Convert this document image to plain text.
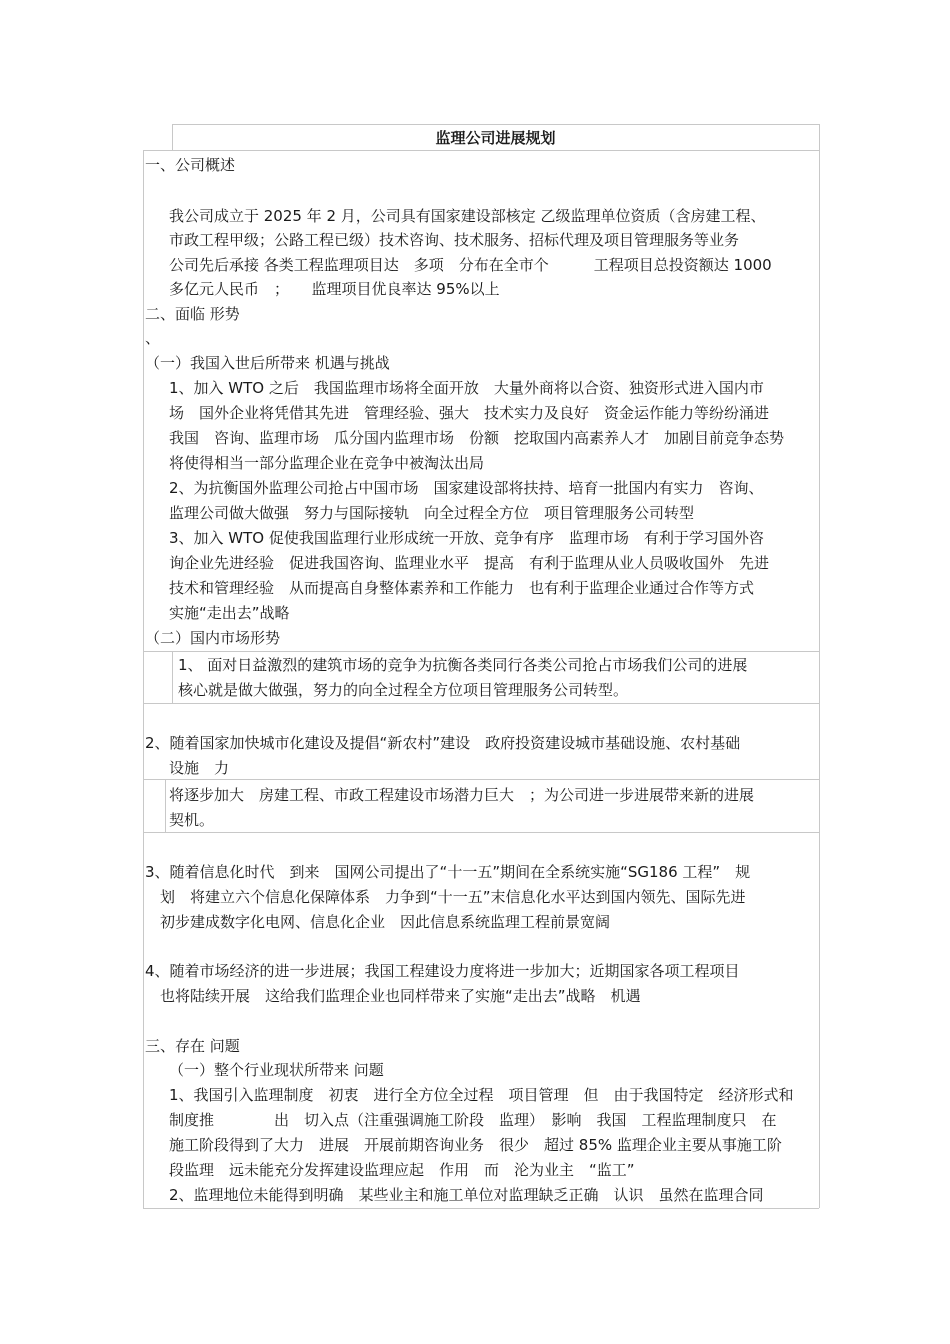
监理公司进展规划
一、公司概述
我公司成立于 2025 年 2 月，公司具有国家建设部核定 乙级监理单位资质（含房建工程、
市政工程甲级；公路工程已级）技术咨询、技术服务、招标代理及项目管理服务等业务
公司先后承接 各类工程监理项目达　多项　分布在全市个　　　工程项目总投资额达 1000
多亿元人民币　；　　监理项目优良率达 95%以上
二、面临 形势
、
（一）我国入世后所带来 机遇与挑战
1、加入 WTO 之后　我国监理市场将全面开放　大量外商将以合资、独资形式进入国内市
场　国外企业将凭借其先进　管理经验、强大　技术实力及良好　资金运作能力等纷纷涌进
我国　咨询、监理市场　瓜分国内监理市场　份额　挖取国内高素养人才　加剧目前竞争态势
将使得相当一部分监理企业在竞争中被淘汰出局
2、为抗衡国外监理公司抢占中国市场　国家建设部将扶持、培育一批国内有实力　咨询、
监理公司做大做强　努力与国际接轨　向全过程全方位　项目管理服务公司转型
3、加入 WTO 促使我国监理行业形成统一开放、竞争有序　监理市场　有利于学习国外咨
询企业先进经验　促进我国咨询、监理业水平　提高　有利于监理从业人员吸收国外　先进
技术和管理经验　从而提高自身整体素养和工作能力　也有利于监理企业通过合作等方式
实施“走出去”战略
（二）国内市场形势
1、 面对日益激烈的建筑市场的竞争为抗衡各类同行各类公司抢占市场我们公司的进展
核心就是做大做强，努力的向全过程全方位项目管理服务公司转型。
2、随着国家加快城市化建设及提倡“新农村”建设　政府投资建设城市基础设施、农村基础
设施　力
将逐步加大　房建工程、市政工程建设市场潜力巨大　；为公司进一步进展带来新的进展
契机。
3、随着信息化时代　到来　国网公司提出了“十一五”期间在全系统实施“SG186 工程”　规
划　将建立六个信息化保障体系　力争到“十一五”末信息化水平达到国内领先、国际先进
初步建成数字化电网、信息化企业　因此信息系统监理工程前景宽阔
4、随着市场经济的进一步进展；我国工程建设力度将进一步加大；近期国家各项工程项目
也将陆续开展　这给我们监理企业也同样带来了实施“走出去”战略　机遇
三、存在 问题
（一）整个行业现状所带来 问题
1、我国引入监理制度　初衷　进行全方位全过程　项目管理　但　由于我国特定　经济形式和
制度推　　　　出　切入点（注重强调施工阶段　监理）　影响　我国　工程监理制度只　在
施工阶段得到了大力　进展　开展前期咨询业务　很少　超过 85% 监理企业主要从事施工阶
段监理　远未能充分发挥建设监理应起　作用　而　沦为业主　“监工”
2、监理地位未能得到明确　某些业主和施工单位对监理缺乏正确　认识　虽然在监理合同
